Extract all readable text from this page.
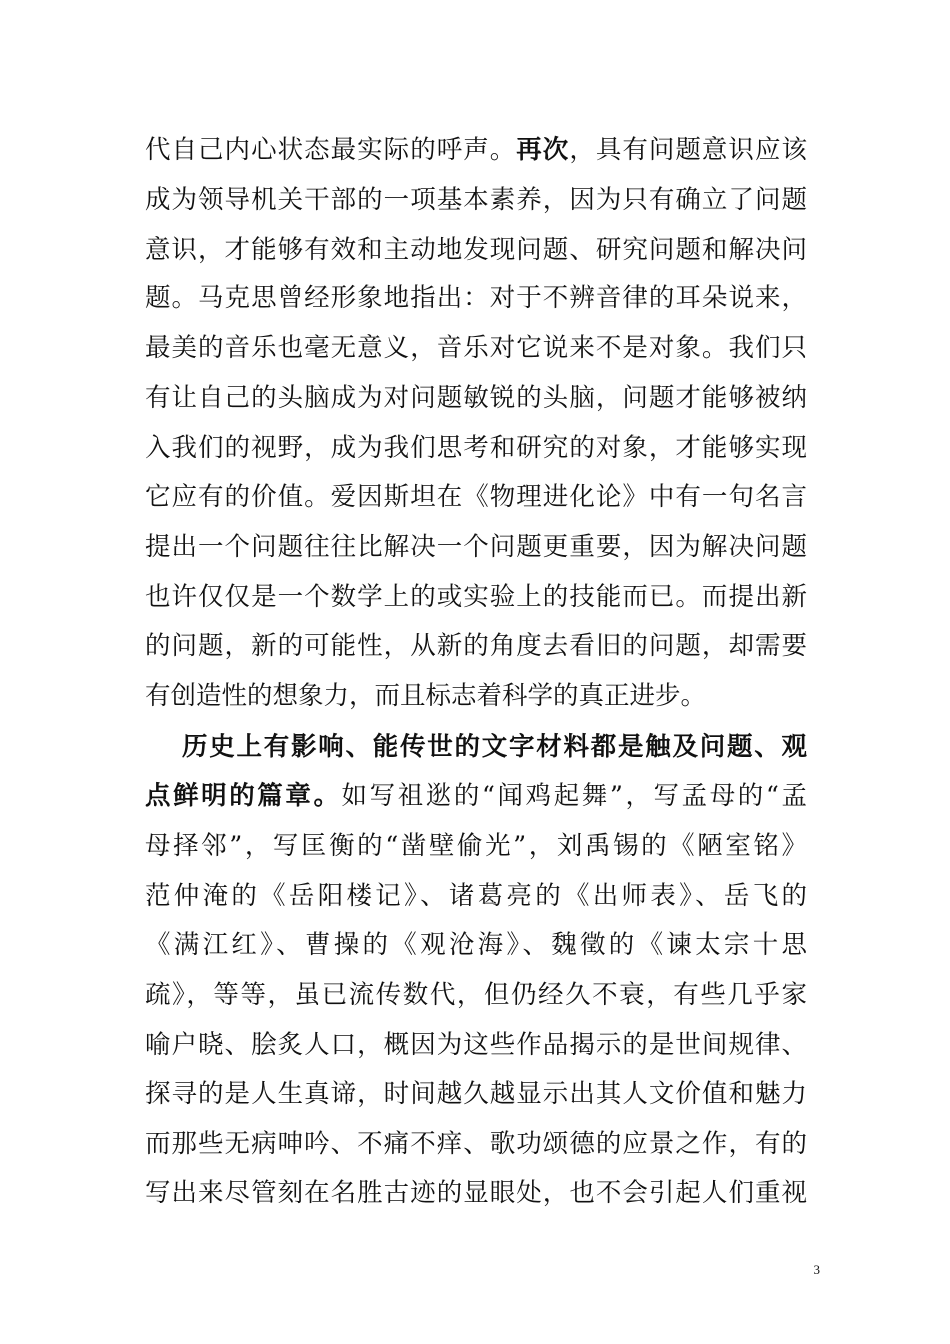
代自己内心状态最实际的呼声。再次，具有问题意识应该
成为领导机关干部的一项基本素养，因为只有确立了问题
意识，才能够有效和主动地发现问题、研究问题和解决问
题。马克思曾经形象地指出：对于不辨音律的耳朵说来，
最美的音乐也毫无意义，音乐对它说来不是对象。我们只
有让自己的头脑成为对问题敏锐的头脑，问题才能够被纳
入我们的视野，成为我们思考和研究的对象，才能够实现
它应有的价值。爱因斯坦在《物理进化论》中有一句名言
提出一个问题往往比解决一个问题更重要，因为解决问题
也许仅仅是一个数学上的或实验上的技能而已。而提出新
的问题，新的可能性，从新的角度去看旧的问题，却需要
有创造性的想象力，而且标志着科学的真正进步。
历史上有影响、能传世的文字材料都是触及问题、观
点鲜明的篇章。如写祖逖的“闻鸡起舞”，写孟母的“孟
母择邻”，写匡衡的“凿壁偷光”，刘禹锡的《陋室铭》
范仲淹的《岳阳楼记》、诸葛亮的《出师表》、岳飞的
《满江红》、曹操的《观沧海》、魏徵的《谏太宗十思
疏》，等等，虽已流传数代，但仍经久不衰，有些几乎家
喻户晓、脍炙人口，概因为这些作品揭示的是世间规律、
探寻的是人生真谛，时间越久越显示出其人文价值和魅力
而那些无病呻吟、不痛不痒、歌功颂德的应景之作，有的
写出来尽管刻在名胜古迹的显眼处，也不会引起人们重视
3
